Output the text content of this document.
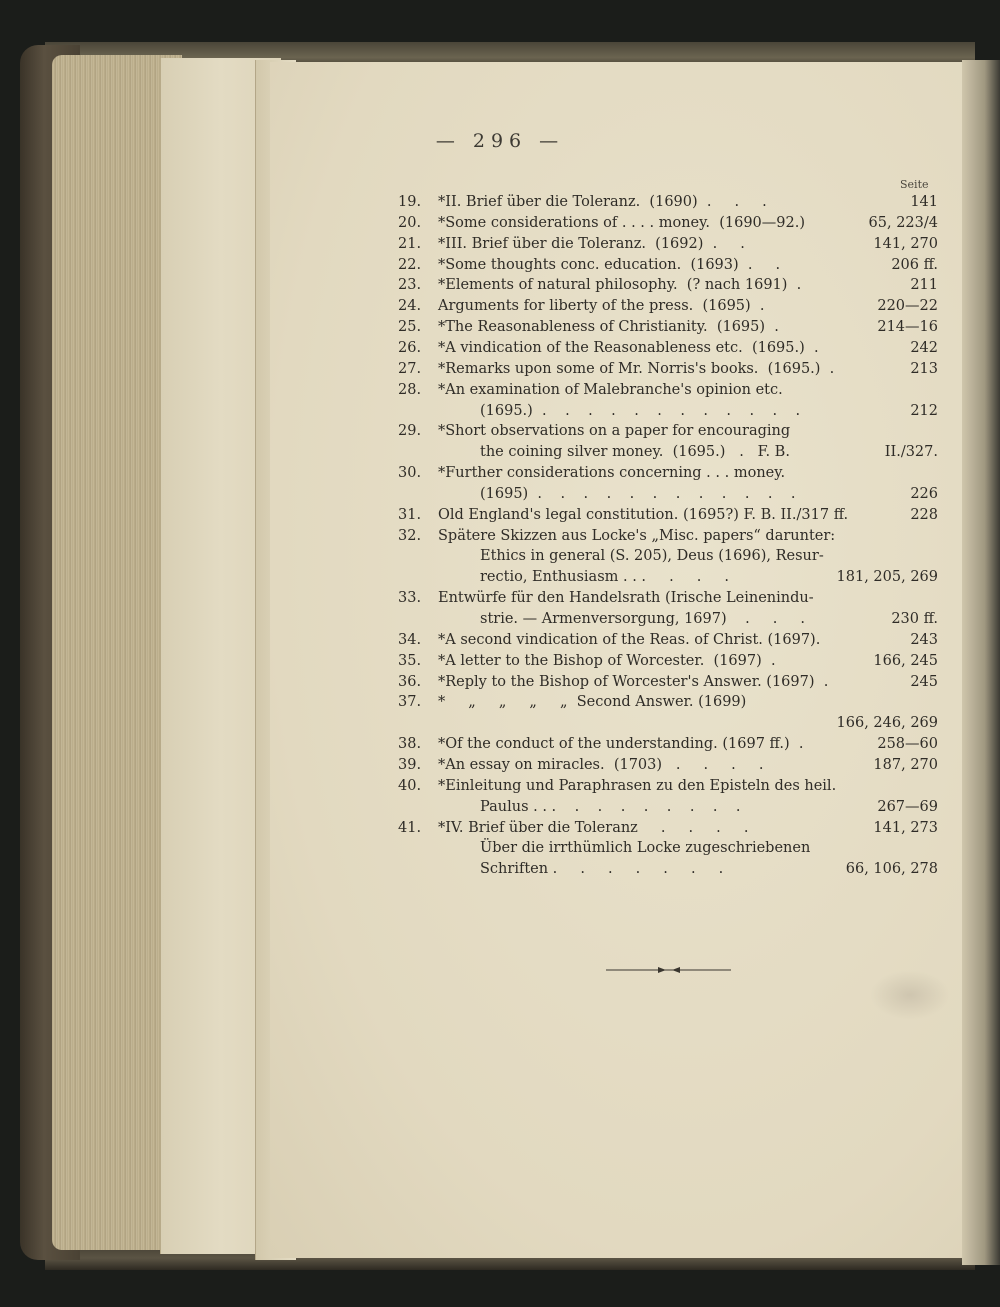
— 296 —
Seite
19. *II. Brief über die Toleranz.  (1690)  .     .     .	141
20. *Some considerations of . . . . money.  (1690—92.)	65, 223/4
21. *III. Brief über die Toleranz.  (1692)  .     .	141, 270
22. *Some thoughts conc. education.  (1693)  .     .	206 ff.
23. *Elements of natural philosophy.  (? nach 1691)  .	211
24. Arguments for liberty of the press.  (1695)  .	220—22
25. *The Reasonableness of Christianity.  (1695)  .	214—16
26. *A vindication of the Reasonableness etc.  (1695.)  .	242
27. *Remarks upon some of Mr. Norris's books.  (1695.)  .	213
28. *An examination of Malebranche's opinion etc.
(1695.)  .    .    .    .    .    .    .    .    .    .    .    .	212
29. *Short observations on a paper for encouraging
the coining silver money.  (1695.)   .   F. B.	II./327.
30. *Further considerations concerning . . . money.
(1695)  .    .    .    .    .    .    .    .    .    .    .    .	226
31. Old England's legal constitution. (1695?) F. B. II./317 ff.	228
32. Spätere Skizzen aus Locke's „Misc. papers“ darunter:
Ethics in general (S. 205), Deus (1696), Resur-
rectio, Enthusiasm . . .     .     .     .	181, 205, 269
33. Entwürfe für den Handelsrath (Irische Leinenindu-
strie. — Armenversorgung, 1697)    .     .     .	230 ff.
34. *A second vindication of the Reas. of Christ. (1697).	243
35. *A letter to the Bishop of Worcester.  (1697)  .	166, 245
36. *Reply to the Bishop of Worcester's Answer. (1697)  .	245
37. *     „     „     „     „  Second Answer. (1699)
166, 246, 269
38. *Of the conduct of the understanding. (1697 ff.)  .	258—60
39. *An essay on miracles.  (1703)   .     .     .     .	187, 270
40. *Einleitung und Paraphrasen zu den Episteln des heil.
Paulus . . .    .    .    .    .    .    .    .    .	267—69
41. *IV. Brief über die Toleranz     .     .     .     .	141, 273
Über die irrthümlich Locke zugeschriebenen
Schriften .     .     .     .     .     .     .	66, 106, 278
